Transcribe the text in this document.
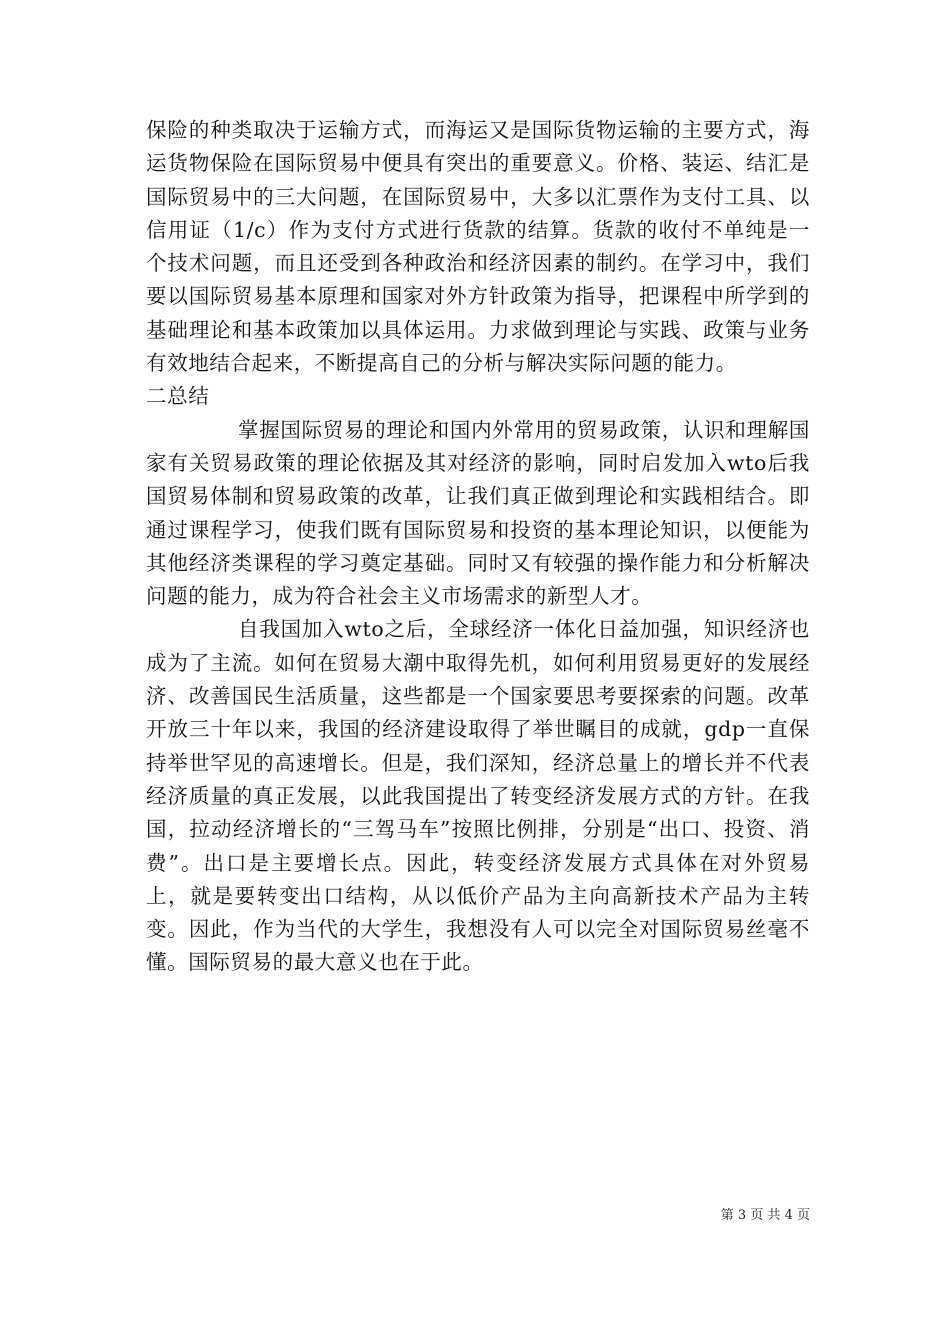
保险的种类取决于运输方式，而海运又是国际货物运输的主要方式，海运货物保险在国际贸易中便具有突出的重要意义。价格、装运、结汇是国际贸易中的三大问题，在国际贸易中，大多以汇票作为支付工具、以信用证（1/c）作为支付方式进行货款的结算。货款的收付不单纯是一个技术问题，而且还受到各种政治和经济因素的制约。在学习中，我们要以国际贸易基本原理和国家对外方针政策为指导，把课程中所学到的基础理论和基本政策加以具体运用。力求做到理论与实践、政策与业务有效地结合起来，不断提高自己的分析与解决实际问题的能力。

二总结

掌握国际贸易的理论和国内外常用的贸易政策，认识和理解国家有关贸易政策的理论依据及其对经济的影响，同时启发加入wto后我国贸易体制和贸易政策的改革，让我们真正做到理论和实践相结合。即通过课程学习，使我们既有国际贸易和投资的基本理论知识，以便能为其他经济类课程的学习奠定基础。同时又有较强的操作能力和分析解决问题的能力，成为符合社会主义市场需求的新型人才。

自我国加入wto之后，全球经济一体化日益加强，知识经济也成为了主流。如何在贸易大潮中取得先机，如何利用贸易更好的发展经济、改善国民生活质量，这些都是一个国家要思考要探索的问题。改革开放三十年以来，我国的经济建设取得了举世瞩目的成就，gdp一直保持举世罕见的高速增长。但是，我们深知，经济总量上的增长并不代表经济质量的真正发展，以此我国提出了转变经济发展方式的方针。在我国，拉动经济增长的“三驾马车”按照比例排，分别是“出口、投资、消费”。出口是主要增长点。因此，转变经济发展方式具体在对外贸易上，就是要转变出口结构，从以低价产品为主向高新技术产品为主转变。因此，作为当代的大学生，我想没有人可以完全对国际贸易丝毫不懂。国际贸易的最大意义也在于此。

第 3 页 共 4 页
